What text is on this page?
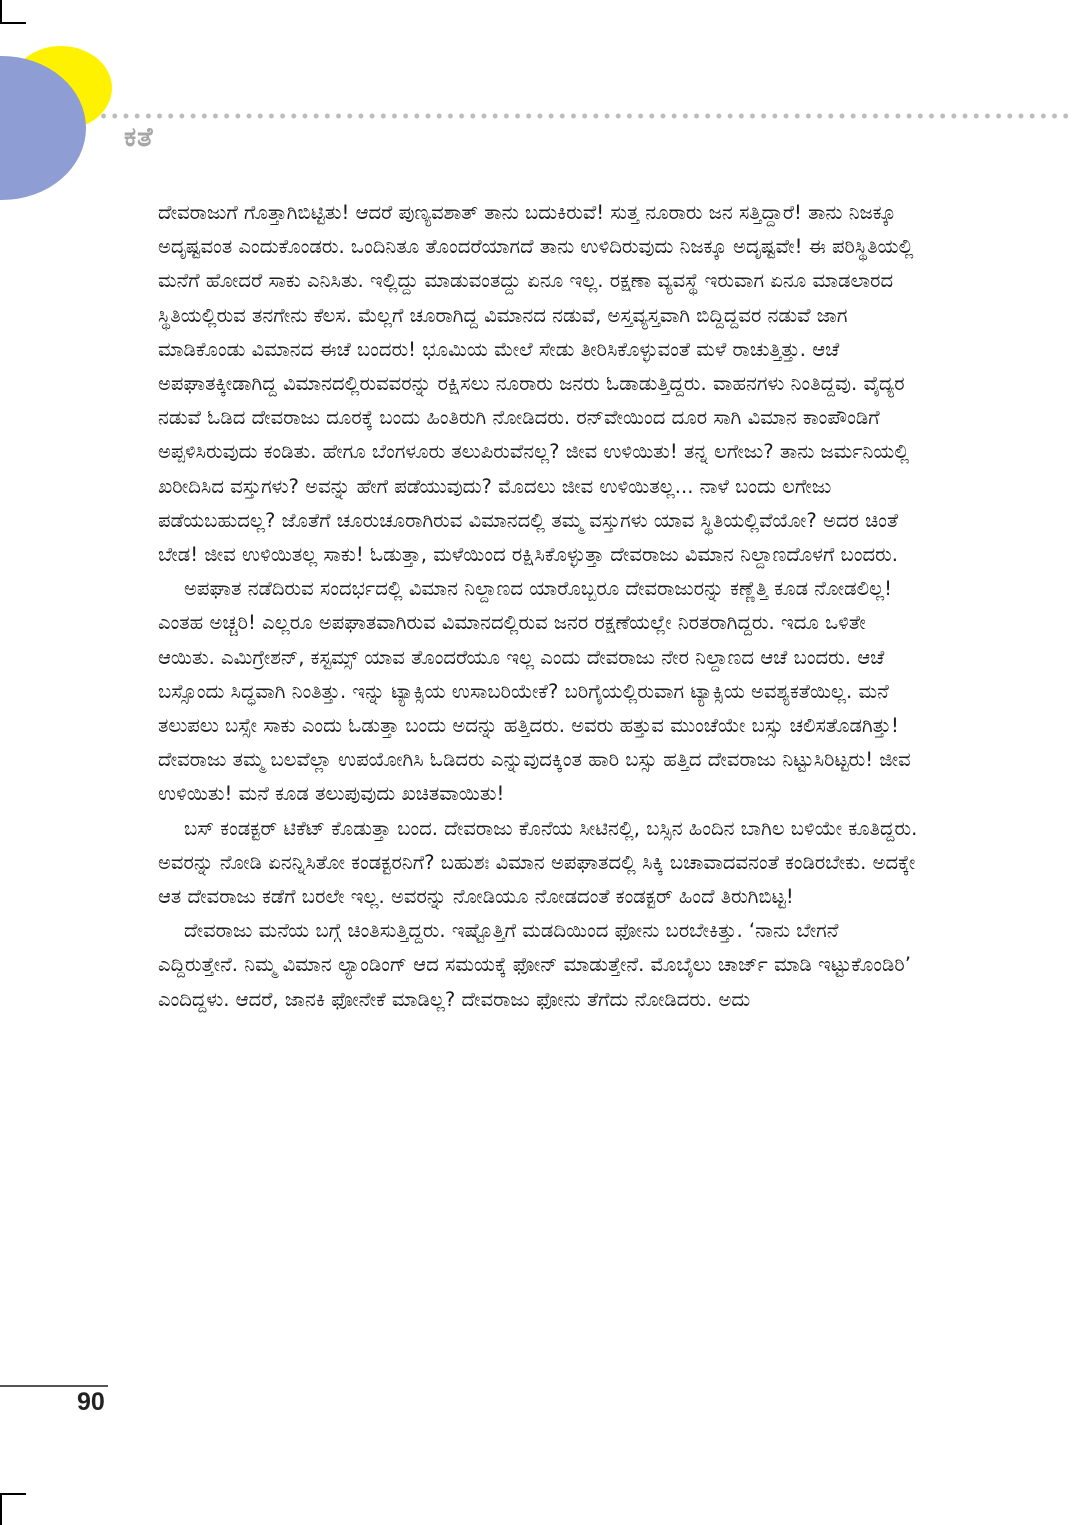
ಕತೆ

ದೇವರಾಜುಗೆ ಗೊತ್ತಾಗಿಬಿಟ್ಟಿತು! ಆದರೆ ಪುಣ್ಯವಶಾತ್ ತಾನು ಬದುಕಿರುವೆ! ಸುತ್ತ ನೂರಾರು ಜನ ಸತ್ತಿದ್ದಾರೆ! ತಾನು ನಿಜಕ್ಕೂ ಅದೃಷ್ಟವಂತ ಎಂದುಕೊಂಡರು. ಒಂದಿನಿತೂ ತೊಂದರೆಯಾಗದೆ ತಾನು ಉಳಿದಿರುವುದು ನಿಜಕ್ಕೂ ಅದೃಷ್ಟವೇ! ಈ ಪರಿಸ್ಥಿತಿಯಲ್ಲಿ ಮನೆಗೆ ಹೋದರೆ ಸಾಕು ಎನಿಸಿತು. ಇಲ್ಲಿದ್ದು ಮಾಡುವಂತದ್ದು ಏನೂ ಇಲ್ಲ. ರಕ್ಷಣಾ ವ್ಯವಸ್ಥೆ ಇರುವಾಗ ಏನೂ ಮಾಡಲಾರದ ಸ್ಥಿತಿಯಲ್ಲಿರುವ ತನಗೇನು ಕೆಲಸ. ಮೆಲ್ಲಗೆ ಚೂರಾಗಿದ್ದ ವಿಮಾನದ ನಡುವೆ, ಅಸ್ತವ್ಯಸ್ತವಾಗಿ ಬಿದ್ದಿದ್ದವರ ನಡುವೆ ಜಾಗ ಮಾಡಿಕೊಂಡು ವಿಮಾನದ ಈಚೆ ಬಂದರು! ಭೂಮಿಯ ಮೇಲೆ ಸೇಡು ತೀರಿಸಿಕೊಳ್ಳುವಂತೆ ಮಳೆ ರಾಚುತ್ತಿತ್ತು. ಆಚೆ ಅಪಘಾತಕ್ಕೀಡಾಗಿದ್ದ ವಿಮಾನದಲ್ಲಿರುವವರನ್ನು ರಕ್ಷಿಸಲು ನೂರಾರು ಜನರು ಓಡಾಡುತ್ತಿದ್ದರು. ವಾಹನಗಳು ನಿಂತಿದ್ದವು. ವೈದ್ಯರ ನಡುವೆ ಓಡಿದ ದೇವರಾಜು ದೂರಕ್ಕೆ ಬಂದು ಹಿಂತಿರುಗಿ ನೋಡಿದರು. ರನ್‌ವೇಯಿಂದ ದೂರ ಸಾಗಿ ವಿಮಾನ ಕಾಂಪೌಂಡಿಗೆ ಅಪ್ಪಳಿಸಿರುವುದು ಕಂಡಿತು. ಹೇಗೂ ಬೆಂಗಳೂರು ತಲುಪಿರುವೆನಲ್ಲ? ಜೀವ ಉಳಿಯಿತು! ತನ್ನ ಲಗೇಜು? ತಾನು ಜರ್ಮನಿಯಲ್ಲಿ ಖರೀದಿಸಿದ ವಸ್ತುಗಳು? ಅವನ್ನು ಹೇಗೆ ಪಡೆಯುವುದು? ಮೊದಲು ಜೀವ ಉಳಿಯಿತಲ್ಲ... ನಾಳೆ ಬಂದು ಲಗೇಜು ಪಡೆಯಬಹುದಲ್ಲ? ಜೊತೆಗೆ ಚೂರುಚೂರಾಗಿರುವ ವಿಮಾನದಲ್ಲಿ ತಮ್ಮ ವಸ್ತುಗಳು ಯಾವ ಸ್ಥಿತಿಯಲ್ಲಿವೆಯೋ? ಅದರ ಚಿಂತೆ ಬೇಡ! ಜೀವ ಉಳಿಯಿತಲ್ಲ ಸಾಕು! ಓಡುತ್ತಾ, ಮಳೆಯಿಂದ ರಕ್ಷಿಸಿಕೊಳ್ಳುತ್ತಾ ದೇವರಾಜು ವಿಮಾನ ನಿಲ್ದಾಣದೊಳಗೆ ಬಂದರು.

ಅಪಘಾತ ನಡೆದಿರುವ ಸಂದರ್ಭದಲ್ಲಿ ವಿಮಾನ ನಿಲ್ದಾಣದ ಯಾರೊಬ್ಬರೂ ದೇವರಾಜುರನ್ನು ಕಣ್ಣೆತ್ತಿ ಕೂಡ ನೋಡಲಿಲ್ಲ! ಎಂತಹ ಅಚ್ಚರಿ! ಎಲ್ಲರೂ ಅಪಘಾತವಾಗಿರುವ ವಿಮಾನದಲ್ಲಿರುವ ಜನರ ರಕ್ಷಣೆಯಲ್ಲೇ ನಿರತರಾಗಿದ್ದರು. ಇದೂ ಒಳಿತೇ ಆಯಿತು. ಎಮಿಗ್ರೇಶನ್, ಕಸ್ಟಮ್ಸ್ ಯಾವ ತೊಂದರೆಯೂ ಇಲ್ಲ ಎಂದು ದೇವರಾಜು ನೇರ ನಿಲ್ದಾಣದ ಆಚೆ ಬಂದರು. ಆಚೆ ಬಸ್ಸೊಂದು ಸಿದ್ಧವಾಗಿ ನಿಂತಿತ್ತು. ಇನ್ನು ಟ್ಯಾಕ್ಸಿಯ ಉಸಾಬರಿಯೇಕೆ? ಬರಿಗೈಯಲ್ಲಿರುವಾಗ ಟ್ಯಾಕ್ಸಿಯ ಅವಶ್ಯಕತೆಯಿಲ್ಲ. ಮನೆ ತಲುಪಲು ಬಸ್ಸೇ ಸಾಕು ಎಂದು ಓಡುತ್ತಾ ಬಂದು ಅದನ್ನು ಹತ್ತಿದರು. ಅವರು ಹತ್ತುವ ಮುಂಚೆಯೇ ಬಸ್ಸು ಚಲಿಸತೊಡಗಿತ್ತು! ದೇವರಾಜು ತಮ್ಮ ಬಲವೆಲ್ಲಾ ಉಪಯೋಗಿಸಿ ಓಡಿದರು ಎನ್ನುವುದಕ್ಕಿಂತ ಹಾರಿ ಬಸ್ಸು ಹತ್ತಿದ ದೇವರಾಜು ನಿಟ್ಟುಸಿರಿಟ್ಟರು! ಜೀವ ಉಳಿಯಿತು! ಮನೆ ಕೂಡ ತಲುಪುವುದು ಖಚಿತವಾಯಿತು!

ಬಸ್ ಕಂಡಕ್ಟರ್ ಟಿಕೆಟ್ ಕೊಡುತ್ತಾ ಬಂದ. ದೇವರಾಜು ಕೊನೆಯ ಸೀಟಿನಲ್ಲಿ, ಬಸ್ಸಿನ ಹಿಂದಿನ ಬಾಗಿಲ ಬಳಿಯೇ ಕೂತಿದ್ದರು. ಅವರನ್ನು ನೋಡಿ ಏನನ್ನಿಸಿತೋ ಕಂಡಕ್ಟರನಿಗೆ? ಬಹುಶಃ ವಿಮಾನ ಅಪಘಾತದಲ್ಲಿ ಸಿಕ್ಕಿ ಬಚಾವಾದವನಂತೆ ಕಂಡಿರಬೇಕು. ಅದಕ್ಕೇ ಆತ ದೇವರಾಜು ಕಡೆಗೆ ಬರಲೇ ಇಲ್ಲ. ಅವರನ್ನು ನೋಡಿಯೂ ನೋಡದಂತೆ ಕಂಡಕ್ಟರ್ ಹಿಂದೆ ತಿರುಗಿಬಿಟ್ಟ!

ದೇವರಾಜು ಮನೆಯ ಬಗ್ಗೆ ಚಿಂತಿಸುತ್ತಿದ್ದರು. ಇಷ್ಟೊತ್ತಿಗೆ ಮಡದಿಯಿಂದ ಫೋನು ಬರಬೇಕಿತ್ತು. ‘ನಾನು ಬೇಗನೆ ಎದ್ದಿರುತ್ತೇನೆ. ನಿಮ್ಮ ವಿಮಾನ ಲ್ಯಾಂಡಿಂಗ್ ಆದ ಸಮಯಕ್ಕೆ ಫೋನ್ ಮಾಡುತ್ತೇನೆ. ಮೊಬೈಲು ಚಾರ್ಜ್ ಮಾಡಿ ಇಟ್ಟುಕೊಂಡಿರಿ’ ಎಂದಿದ್ದಳು. ಆದರೆ, ಜಾನಕಿ ಫೋನೇಕೆ ಮಾಡಿಲ್ಲ? ದೇವರಾಜು ಫೋನು ತೆಗೆದು ನೋಡಿದರು. ಅದು

90
